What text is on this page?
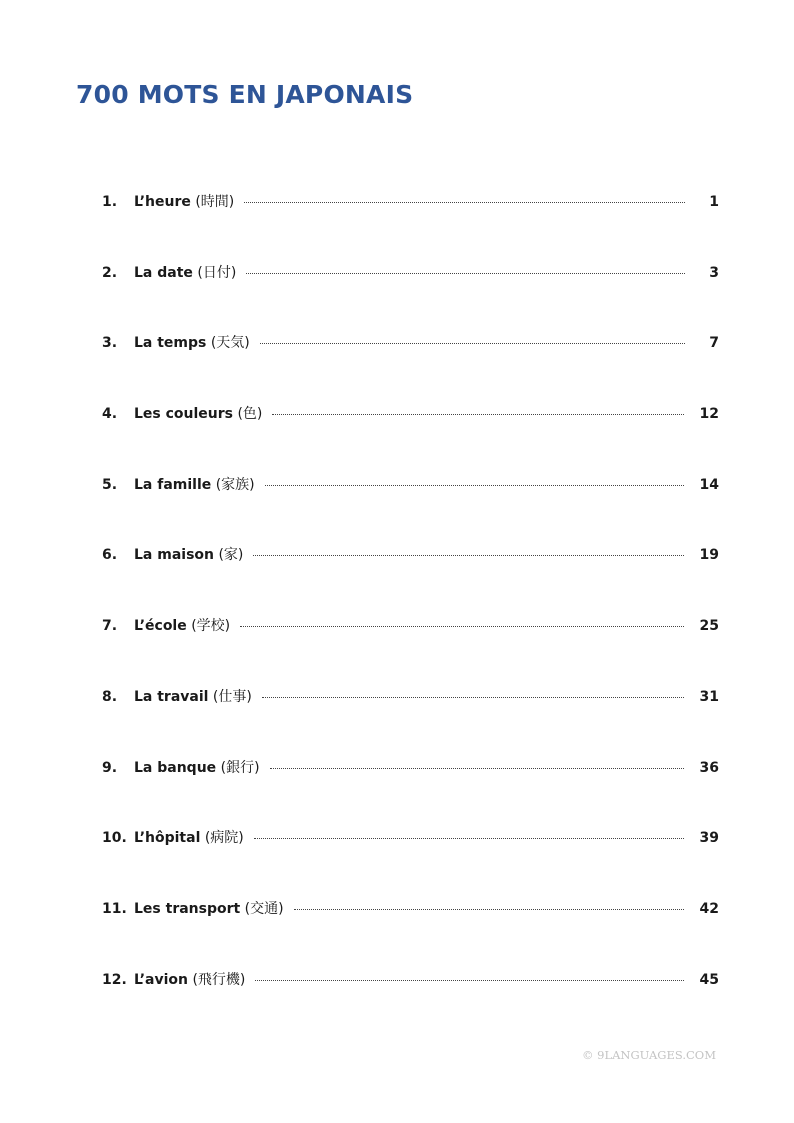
700 MOTS EN JAPONAIS
1.	L’heure (時間)	1
2.	La date (日付)	3
3.	La temps (天気)	7
4.	Les couleurs (色)	12
5.	La famille (家族)	14
6.	La maison (家)	19
7.	L’école (学校)	25
8.	La travail (仕事)	31
9.	La banque (銀行)	36
10. L’hôpital (病院)	39
11. Les transport (交通)	42
12. L’avion (飛行機)	45
© 9LANGUAGES.COM
